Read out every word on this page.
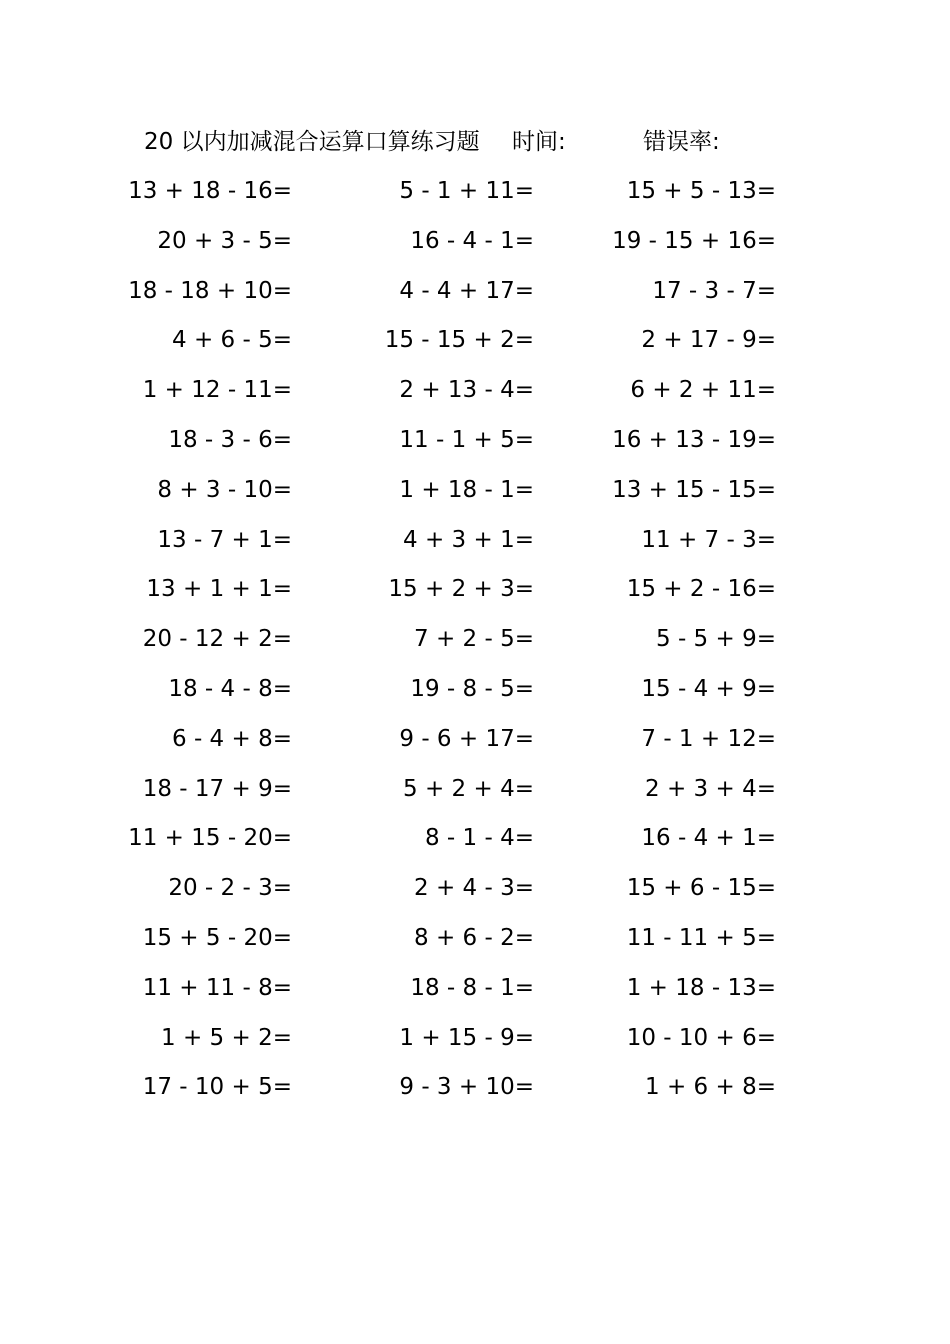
20 以内加减混合运算口算练习题 时间:	错误率:
13 + 18 - 16=	5 - 1 + 11=	15 + 5 - 13=
20 + 3 - 5=	16 - 4 - 1=	19 - 15 + 16=
18 - 18 + 10=	4 - 4 + 17=	17 - 3 - 7=
4 + 6 - 5=	15 - 15 + 2=	2 + 17 - 9=
1 + 12 - 11=	2 + 13 - 4=	6 + 2 + 11=
18 - 3 - 6=	11 - 1 + 5=	16 + 13 - 19=
8 + 3 - 10=	1 + 18 - 1=	13 + 15 - 15=
13 - 7 + 1=	4 + 3 + 1=	11 + 7 - 3=
13 + 1 + 1=	15 + 2 + 3=	15 + 2 - 16=
20 - 12 + 2=	7 + 2 - 5=	5 - 5 + 9=
18 - 4 - 8=	19 - 8 - 5=	15 - 4 + 9=
6 - 4 + 8=	9 - 6 + 17=	7 - 1 + 12=
18 - 17 + 9=	5 + 2 + 4=	2 + 3 + 4=
11 + 15 - 20=	8 - 1 - 4=	16 - 4 + 1=
20 - 2 - 3=	2 + 4 - 3=	15 + 6 - 15=
15 + 5 - 20=	8 + 6 - 2=	11 - 11 + 5=
11 + 11 - 8=	18 - 8 - 1=	1 + 18 - 13=
1 + 5 + 2=	1 + 15 - 9=	10 - 10 + 6=
17 - 10 + 5=	9 - 3 + 10=	1 + 6 + 8=
